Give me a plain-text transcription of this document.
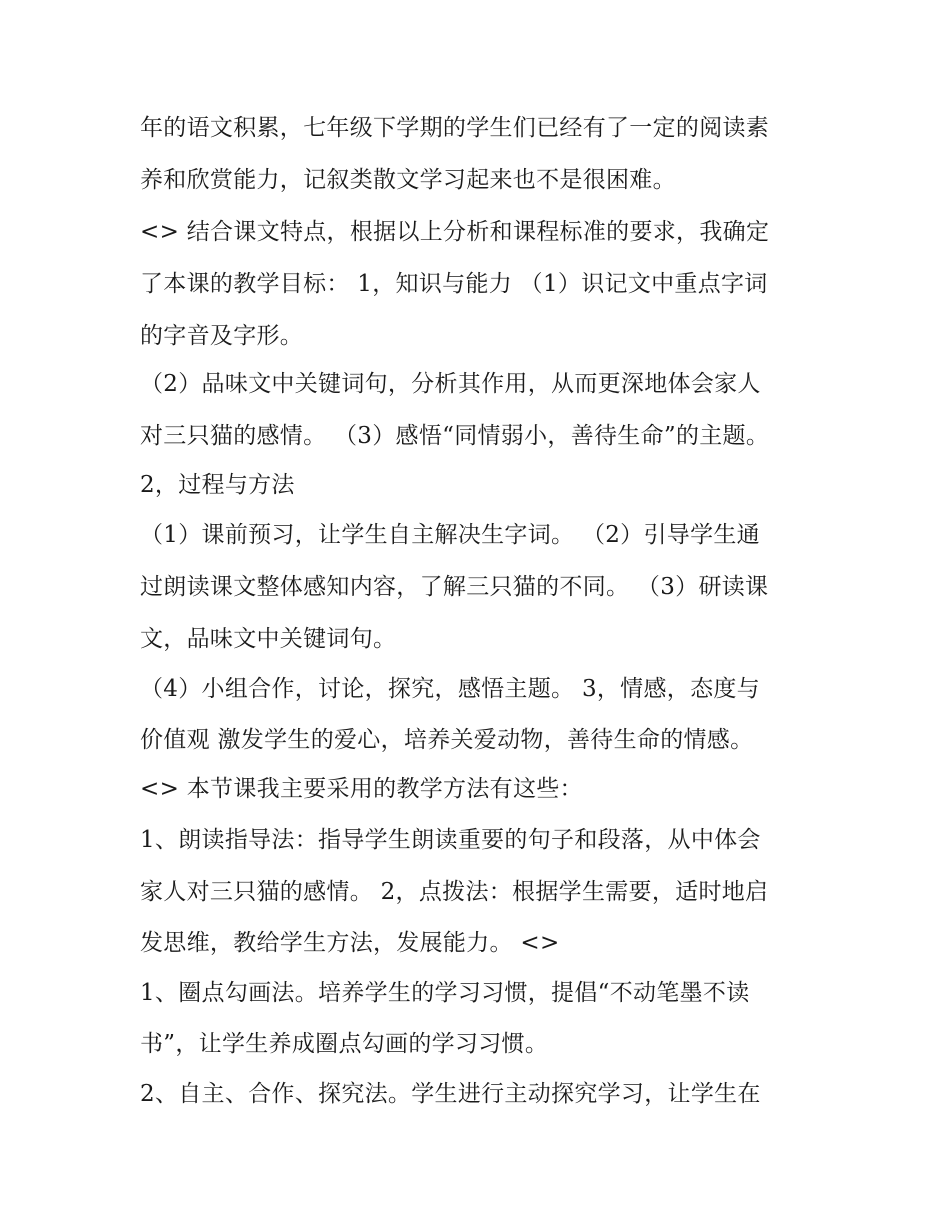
年的语文积累，七年级下学期的学生们已经有了一定的阅读素
养和欣赏能力，记叙类散文学习起来也不是很困难。
<> 结合课文特点，根据以上分析和课程标准的要求，我确定
了本课的教学目标： 1，知识与能力 （1）识记文中重点字词
的字音及字形。
（2）品味文中关键词句，分析其作用，从而更深地体会家人
对三只猫的感情。 （3）感悟“同情弱小，善待生命”的主题。
2，过程与方法
（1）课前预习，让学生自主解决生字词。 （2）引导学生通
过朗读课文整体感知内容，了解三只猫的不同。 （3）研读课
文，品味文中关键词句。
（4）小组合作，讨论，探究，感悟主题。 3，情感，态度与
价值观 激发学生的爱心，培养关爱动物，善待生命的情感。
<> 本节课我主要采用的教学方法有这些：
1、朗读指导法：指导学生朗读重要的句子和段落，从中体会
家人对三只猫的感情。 2，点拨法：根据学生需要，适时地启
发思维，教给学生方法，发展能力。 <>
1、圈点勾画法。培养学生的学习习惯，提倡“不动笔墨不读
书”，让学生养成圈点勾画的学习习惯。
2、自主、合作、探究法。学生进行主动探究学习，让学生在
